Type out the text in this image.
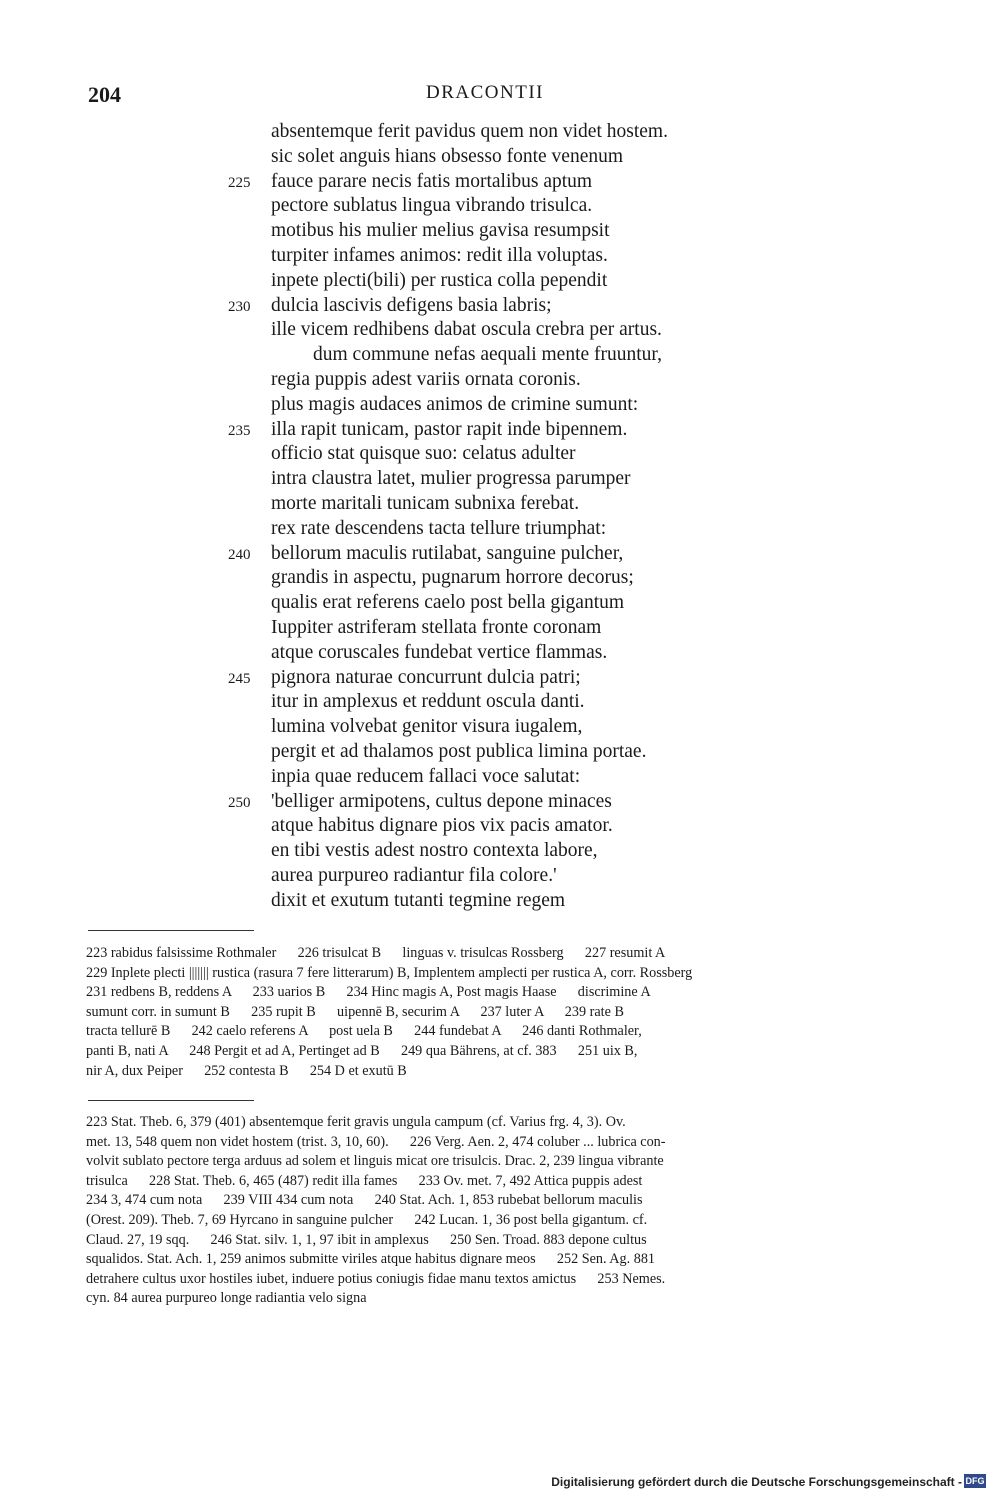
204	DRACONTII
absentemque ferit pavidus quem non videt hostem.
sic solet anguis hians obsesso fonte venenum
225 fauce parare necis fatis mortalibus aptum
pectore sublatus lingua vibrando trisulca.
motibus his mulier melius gavisa resumpsit
turpiter infames animos: redit illa voluptas.
inpete plecti(bili) per rustica colla pependit
230 dulcia lascivis defigens basia labris;
ille vicem redhibens dabat oscula crebra per artus.
dum commune nefas aequali mente fruuntur,
regia puppis adest variis ornata coronis.
plus magis audaces animos de crimine sumunt:
235 illa rapit tunicam, pastor rapit inde bipennem.
officio stat quisque suo: celatus adulter
intra claustra latet, mulier progressa parumper
morte maritali tunicam subnixa ferebat.
rex rate descendens tacta tellure triumphat:
240 bellorum maculis rutilabat, sanguine pulcher,
grandis in aspectu, pugnarum horrore decorus;
qualis erat referens caelo post bella gigantum
Iuppiter astriferam stellata fronte coronam
atque coruscales fundebat vertice flammas.
245 pignora naturae concurrunt dulcia patri;
itur in amplexus et reddunt oscula danti.
lumina volvebat genitor visura iugalem,
pergit et ad thalamos post publica limina portae.
inpia quae reducem fallaci voce salutat:
250 'belliger armipotens, cultus depone minaces
atque habitus dignare pios vix pacis amator.
en tibi vestis adest nostro contexta labore,
aurea purpureo radiantur fila colore.'
dixit et exutum tutanti tegmine regem
223 rabidus falsissime Rothmaler      226 trisulcat B      linguas v. trisulcas Rossberg      227 resumit A
229 Inplete plecti ||||||| rustica (rasura 7 fere litterarum) B, Implentem amplecti per rustica A, corr. Rossberg
231 redbens B, reddens A      233 uarios B      234 Hinc magis A, Post magis Haase      discrimine A
sumunt corr. in sumunt B      235 rupit B      uipennē B, securim A      237 luter A      239 rate B
tracta tellurē B      242 caelo referens A      post uela B      244 fundebat A      246 danti Rothmaler,
panti B, nati A      248 Pergit et ad A, Pertinget ad B      249 qua Bährens, at cf. 383      251 uix B,
nir A, dux Peiper      252 contesta B      254 D et exutū B
223 Stat. Theb. 6, 379 (401) absentemque ferit gravis ungula campum (cf. Varius frg. 4, 3). Ov.
met. 13, 548 quem non videt hostem (trist. 3, 10, 60).      226 Verg. Aen. 2, 474 coluber ... lubrica con-
volvit sublato pectore terga arduus ad solem et linguis micat ore trisulcis. Drac. 2, 239 lingua vibrante
trisulca      228 Stat. Theb. 6, 465 (487) redit illa fames      233 Ov. met. 7, 492 Attica puppis adest
234 3, 474 cum nota      239 VIII 434 cum nota      240 Stat. Ach. 1, 853 rubebat bellorum maculis
(Orest. 209). Theb. 7, 69 Hyrcano in sanguine pulcher      242 Lucan. 1, 36 post bella gigantum. cf.
Claud. 27, 19 sqq.      246 Stat. silv. 1, 1, 97 ibit in amplexus      250 Sen. Troad. 883 depone cultus
squalidos. Stat. Ach. 1, 259 animos submitte viriles atque habitus dignare meos      252 Sen. Ag. 881
detrahere cultus uxor hostiles iubet, induere potius coniugis fidae manu textos amictus      253 Nemes.
cyn. 84 aurea purpureo longe radiantia velo signa
Digitalisierung gefördert durch die Deutsche Forschungsgemeinschaft - DFG
